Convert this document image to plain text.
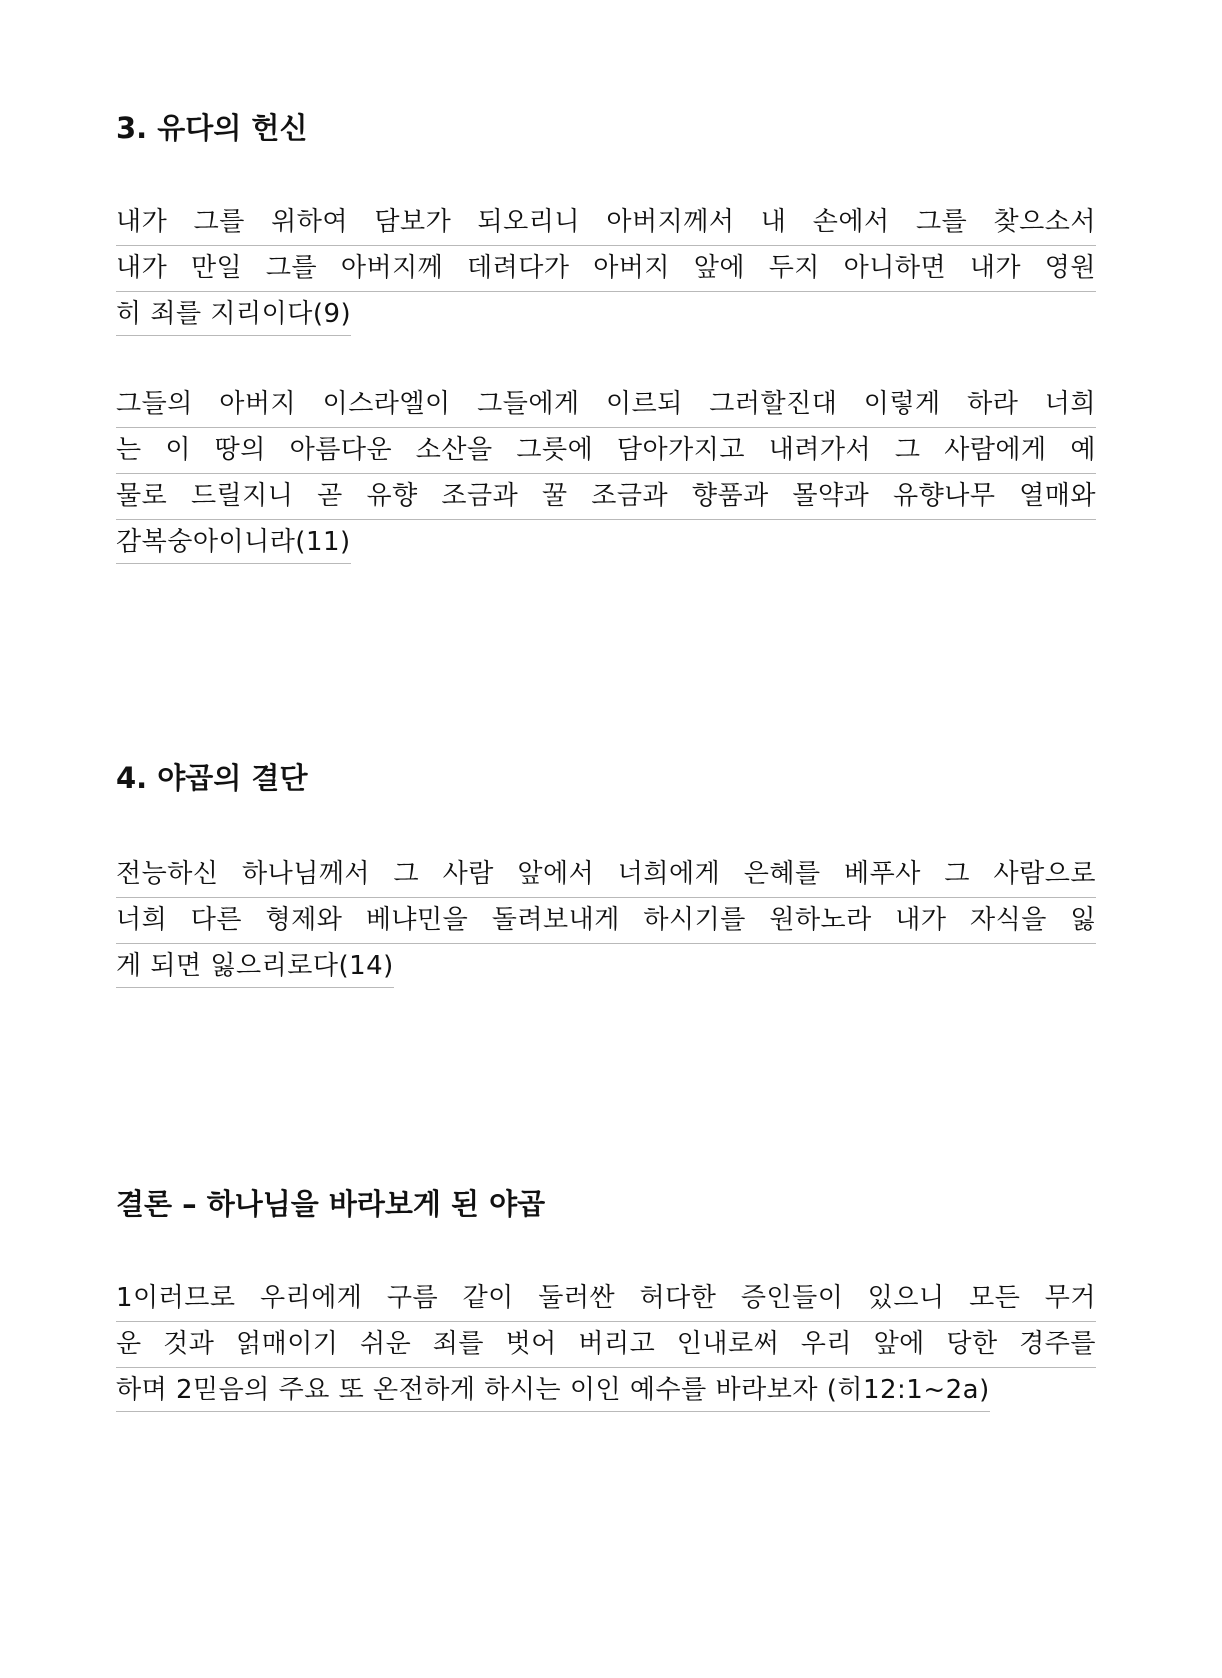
3. 유다의 헌신
내가 그를 위하여 담보가 되오리니 아버지께서 내 손에서 그를 찾으소서
내가 만일 그를 아버지께 데려다가 아버지 앞에 두지 아니하면 내가 영원
히 죄를 지리이다(9)
그들의 아버지 이스라엘이 그들에게 이르되 그러할진대 이렇게 하라 너희
는 이 땅의 아름다운 소산을 그릇에 담아가지고 내려가서 그 사람에게 예
물로 드릴지니 곧 유향 조금과 꿀 조금과 향품과 몰약과 유향나무 열매와
감복숭아이니라(11)
4. 야곱의 결단
전능하신 하나님께서 그 사람 앞에서 너희에게 은혜를 베푸사 그 사람으로
너희 다른 형제와 베냐민을 돌려보내게 하시기를 원하노라 내가 자식을 잃
게 되면 잃으리로다(14)
결론 – 하나님을 바라보게 된 야곱
1이러므로 우리에게 구름 같이 둘러싼 허다한 증인들이 있으니 모든 무거
운 것과 얽매이기 쉬운 죄를 벗어 버리고 인내로써 우리 앞에 당한 경주를
하며 2믿음의 주요 또 온전하게 하시는 이인 예수를 바라보자 (히12:1~2a)
